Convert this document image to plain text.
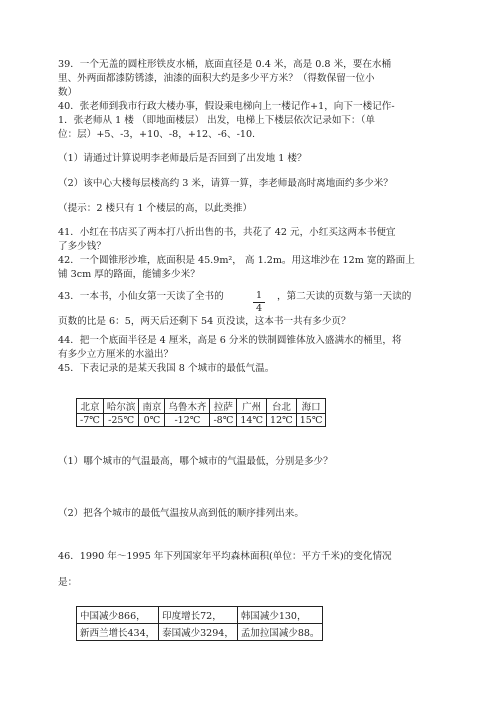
39．一个无盖的圆柱形铁皮水桶，底面直径是 0.4 米，高是 0.8 米，要在水桶
里、外两面都漆防锈漆，油漆的面积大约是多少平方米？（得数保留一位小
数）
40．张老师到我市行政大楼办事，假设乘电梯向上一楼记作+1，向下一楼记作-
1．张老师从 1 楼 （即地面楼层） 出发，电梯上下楼层依次记录如下：（单
位：层）+5、-3，+10、-8，+12、-6、-10.
（1）请通过计算说明李老师最后是否回到了出发地 1 楼？
（2）该中心大楼每层楼高约 3 米，请算一算，李老师最高时离地面约多少米？
（提示：2 楼只有 1 个楼层的高，以此类推）
41．小红在书店买了两本打八折出售的书，共花了 42 元，小红买这两本书便宜
了多少钱？
42．一个圆锥形沙堆，底面积是 45.9m²， 高 1.2m。用这堆沙在 12m 宽的路面上
铺 3cm 厚的路面，能铺多少米？
43．一本书，小仙女第一天读了全书的	1
4
，第二天读的页数与第一天读的
页数的比是 6：5，两天后还剩下 54 页没读，这本书一共有多少页？
44．把一个底面半径是 4 厘米，高是 6 分米的铁制圆锥体放入盛满水的桶里，将
有多少立方厘米的水溢出？
45．下表记录的是某天我国 8 个城市的最低气温。
北京	哈尔滨	南京	乌鲁木齐	拉萨	广州	台北	海口
-7℃	-25℃	0℃	-12℃	-8℃	14℃	12℃	15℃
（1）哪个城市的气温最高，哪个城市的气温最低，分别是多少？
（2）把各个城市的最低气温按从高到低的顺序排列出来。
46．1990 年～1995 年下列国家年平均森林面积(单位：平方千米)的变化情况
是：
中国减少866，	印度增长72，	韩国减少130，
新西兰增长434，	泰国减少3294，	孟加拉国减少88。
